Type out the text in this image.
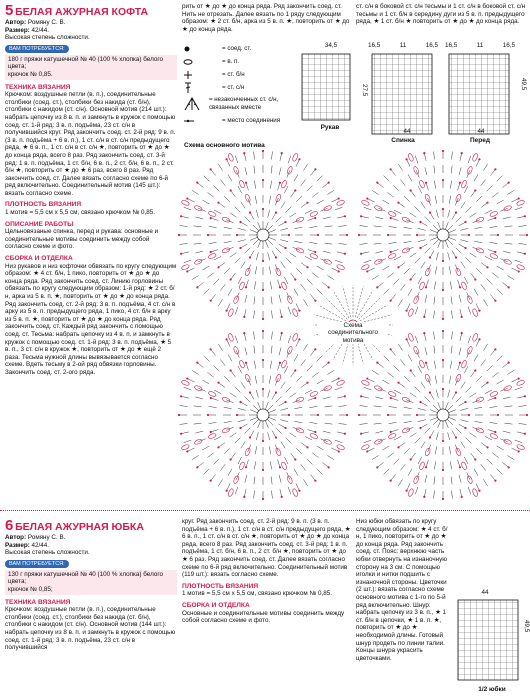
5 БЕЛАЯ АЖУРНАЯ КОФТА

Автор: Ромяну С. В.

Размер: 42/44.

Высокая степень сложности.

ВАМ ПОТРЕБУЕТСЯ:

180 г пряжи катушечной № 40 (100 % хлопка) белого цвета;

крючок № 0,85.

ТЕХНИКА ВЯЗАНИЯ

Крючком: воздушные петли (в. п.), соединительные столбики (соед. ст.), столбики без накида (ст. б/н), столбики с накидом (ст. с/н). Основной мотив (214 шт.): набрать цепочку из 8 в. п. и замкнуть в кружок с помощью соед. ст. 1-й ряд: 3 в. п. подъёма, 23 ст. с/н в получившийся круг. Ряд закончить соед. ст. 2-й ряд: 9 в. п. (3 в. п. подъёма + 6 в. п.), 1 ст. с/н в ст. с/н предыдущего ряда, ★ 6 в. п., 1 ст. с/н в ст. с/н ★, повторить от ★ до ★ до конца ряда, всего 8 раз. Ряд закончить соед. ст. 3-й ряд: 1 в. п. подъёма, 1 ст. б/н, 6 в. п., 2 ст. б/н, 6 в. п., 2 ст. б/н ★, повторить от ★ до ★ 6 раз, всего 8 раз. Ряд закончить соед. ст. Далее вязать согласно схеме по 6-й ряд включительно. Соединительный мотив (145 шт.): вязать согласно схеме.

ПЛОТНОСТЬ ВЯЗАНИЯ

1 мотив = 5,5 см х 5,5 см, связано крючком № 0,85.

ОПИСАНИЕ РАБОТЫ

Цельновязаные спинка, перед и рукава: основные и соединительные мотивы соединить между собой согласно схеме и фото.

СБОРКА И ОТДЕЛКА

Низ рукавов и низ кофточки обвязать по кругу следующим образом: ★ 4 ст. б/н, 1 пико, повторить от ★ до ★ до конца ряда. Ряд закончить соед. ст. Линию горловины обвязать по кругу следующим образом: 1-й ряд: ★ 2 ст. б/н, арка из 5 в. п. ★, повторить от ★ до ★ до конца ряда. Ряд закончить соед. ст. 2-й ряд: 3 в. п. подъёма, 4 ст. с/н в арку из 5 в. п. предыдущего ряда, 1 пико, 4 ст. б/н в арку из 5 в. п. ★, повторить от ★ до ★ до конца ряда. Ряд закончить соед. ст. Каждый ряд закончить с помощью соед. ст. Тесьма: набрать цепочку из 4 в. п. и замкнуть в кружок с помощью соед. ст. 1-й ряд: 3 в. п. подъёма, ★ 5 в. п., 3 ст. с/н в кружок ★, повторить от ★ до ★ ещё 2 раза. Тесьма нужной длины вывязывается согласно схеме. Вдеть тесьму в 2-ой ряд обвязки горловины. Закончить соед. ст. 2-ого ряда.

рить от ★ до ★ до конца ряда. Ряд закончить соед. ст. Нить не отрезать. Далее вязать по 1 ряду следующим образом: ★ 2 ст. б/н, арка из 5 в. п. ★, повторить от ★ до ★ до конца ряда.

= соед. ст.
= в. п.
= ст. б/н
= ст. с/н
= незаконченных ст. с/н, связанных вместе
= место соединения

ст. с/н в боковой ст. с/н тесьмы и 1 ст. с/н в боковой ст. с/н тесьмы и 1 ст. б/н в середину дуги из 5 в. п. предыдущего ряда, ★ 1 ст. б/н ★ повторить от ★ до ★ до конца ряда.

34,5
27,5
Рукав
16,5	11	16,5
44
Спинка
16,5	11	16,5
49,5
44
Перед
Схема основного мотива
Схема соединительного мотива
6 БЕЛАЯ АЖУРНАЯ ЮБКА

Автор: Ромяну С. В.

Размер: 42/44.

Высокая степень сложности.

ВАМ ПОТРЕБУЕТСЯ:

130 г пряжи катушечной № 40 (100 % хлопка) белого цвета;

крючок № 0,85;

ТЕХНИКА ВЯЗАНИЯ

Крючком: воздушные петли (в. п.), соединительные столбики (соед. ст.), столбики без накида (ст. б/н), столбики с накидом (ст. с/н). Основной мотив (144 шт.): набрать цепочку из 8 в. п. и замкнуть в кружок с помощью соед. ст. 1-й ряд: 3 в. п. подъёма, 23 ст. с/н в получившийся

круг. Ряд закончить соед. ст. 2-й ряд: 9 в. п. (3 в. п. подъёма + 6 в. п.), 1 ст. с/н в ст. с/н предыдущего ряда, ★ 6 в. п., 1 ст. с/н в ст. с/н ★, повторить от ★ до ★ до конца ряда, всего 8 раз. Ряд закончить соед. ст. 3-й ряд: 1 в. п. подъёма, 1 ст. б/н, 6 в. п., 2 ст. б/н ★, повторить от ★ до ★ 6 раз. Ряд закончить соед. ст. Далее вязать согласно схеме по 6-й ряд включительно. Соединительный мотив (119 шт.): вязать согласно схеме.

ПЛОТНОСТЬ ВЯЗАНИЯ

1 мотив = 5,5 см х 5,5 см, связано крючком № 0,85.

СБОРКА И ОТДЕЛКА

Основные и соединительные мотивы соединить между собой согласно схеме и фото.

Низ юбки обвязать по кругу следующим образом: ★ 4 ст. б/н, 1 пико, повторить от ★ до ★ до конца ряда. Ряд закончить соед. ст. Пояс: верхнюю часть юбки отвернуть на изнаночную сторону на 3 см. С помощью иголки и нитки подшить с изнаночной стороны. Цветочки (2 шт.): вязать согласно схеме основного мотива с 1-го по 5-й ряд включительно. Шнур: набрать цепочку из 3 в. п., ★ 1 ст. б/н в цепочки, ★ 1 в. п. ★, повторить от ★ до ★ необходимой длины. Готовый шнур продеть по линии талии. Концы шнура украсить цветочками.

44
49,5
1/2 юбки
